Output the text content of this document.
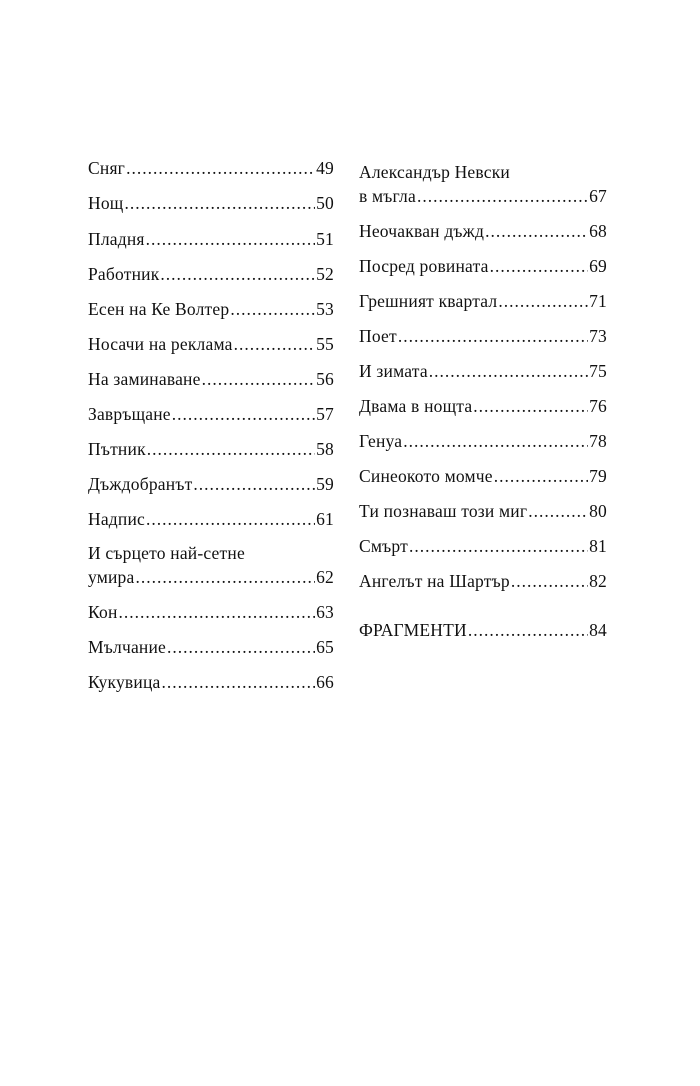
Сняг .....	49
Нощ .....	50
Пладня .....	51
Работник .....	52
Есен на Ке Волтер .....	53
Носачи на реклама .....	55
На заминаване .....	56
Завръщане .....	57
Пътник .....	58
Дъждобранът .....	59
Надпис .....	61
И сърцето най-сетне
умира .....	62
Кон .....	63
Мълчание .....	65
Кукувица .....	66
Александър Невски
в мъгла .....	67
Неочакван дъжд .....	68
Посред ровината .....	69
Грешният квартал .....	71
Поет .....	73
И зимата .....	75
Двама в нощта .....	76
Генуа .....	78
Синеокото момче .....	79
Ти познаваш този миг .....	80
Смърт .....	81
Ангелът на Шартър .....	82
ФРАГМЕНТИ .....	84
